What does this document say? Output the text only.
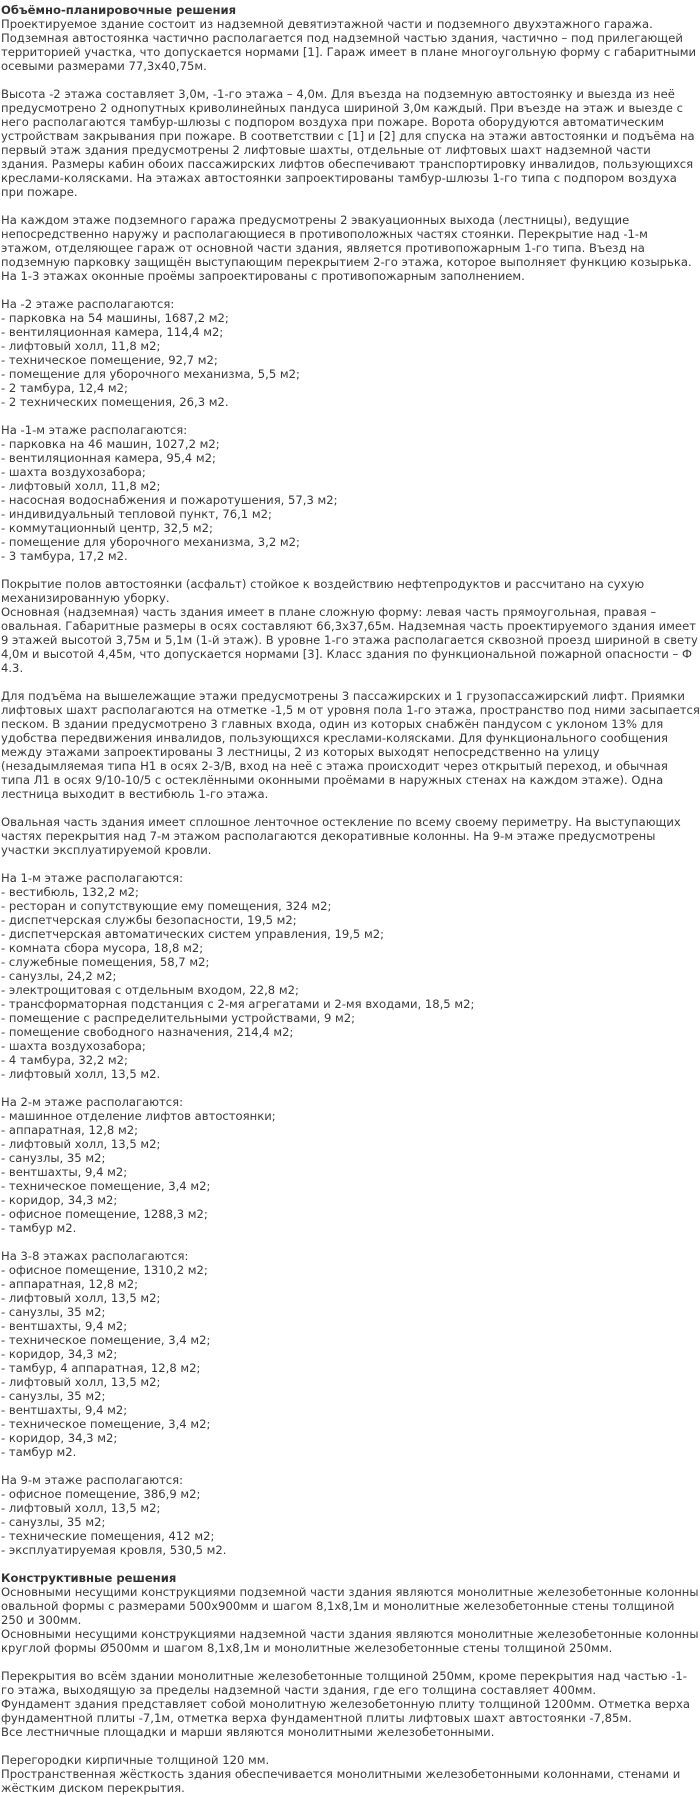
Объёмно-планировочные решения

Проектируемое здание состоит из надземной девятиэтажной части и подземного двухэтажного гаража. Подземная автостоянка частично располагается под надземной частью здания, частично – под прилегающей территорией участка, что допускается нормами [1]. Гараж имеет в плане многоугольную форму с габаритными осевыми размерами 77,3х40,75м.

Высота -2 этажа составляет 3,0м, -1-го этажа – 4,0м. Для въезда на подземную автостоянку и выезда из неё предусмотрено 2 однопутных криволинейных пандуса шириной 3,0м каждый. При въезде на этаж и выезде с него располагаются тамбур-шлюзы с подпором воздуха при пожаре. Ворота оборудуются автоматическим устройствам закрывания при пожаре. В соответствии с [1] и [2] для спуска на этажи автостоянки и подъёма на первый этаж здания предусмотрены 2 лифтовые шахты, отдельные от лифтовых шахт надземной части здания. Размеры кабин обоих пассажирских лифтов обеспечивают транспортировку инвалидов, пользующихся креслами-колясками. На этажах автостоянки запроектированы тамбур-шлюзы 1-го типа с подпором воздуха при пожаре.

На каждом этаже подземного гаража предусмотрены 2 эвакуационных выхода (лестницы), ведущие непосредственно наружу и располагающиеся в противоположных частях стоянки. Перекрытие над -1-м этажом, отделяющее гараж от основной части здания, является противопожарным 1-го типа. Въезд на подземную парковку защищён выступающим перекрытием 2-го этажа, которое выполняет функцию козырька. На 1-3 этажах оконные проёмы запроектированы с противопожарным заполнением.

На -2 этаже располагаются:
- парковка на 54 машины, 1687,2 м2;
- вентиляционная камера, 114,4 м2;
- лифтовый холл, 11,8 м2;
- техническое помещение, 92,7 м2;
- помещение для уборочного механизма, 5,5 м2;
- 2 тамбура, 12,4 м2;
- 2 технических помещения, 26,3 м2.
На -1-м этаже располагаются:
- парковка на 46 машин, 1027,2 м2;
- вентиляционная камера, 95,4 м2;
- шахта воздухозабора;
- лифтовый холл, 11,8 м2;
- насосная водоснабжения и пожаротушения, 57,3 м2;
- индивидуальный тепловой пункт, 76,1 м2;
- коммутационный центр, 32,5 м2;
- помещение для уборочного механизма, 3,2 м2;
- 3 тамбура, 17,2 м2.

Покрытие полов автостоянки (асфальт) стойкое к воздействию нефтепродуктов и рассчитано на сухую механизированную уборку.

Основная (надземная) часть здания имеет в плане сложную форму: левая часть прямоугольная, правая – овальная. Габаритные размеры в осях составляют 66,3х37,65м. Надземная часть проектируемого здания имеет 9 этажей высотой 3,75м и 5,1м (1-й этаж). В уровне 1-го этажа располагается сквозной проезд шириной в свету 4,0м и высотой 4,45м, что допускается нормами [3]. Класс здания по функциональной пожарной опасности – Ф 4.3.

Для подъёма на вышележащие этажи предусмотрены 3 пассажирских и 1 грузопассажирский лифт. Приямки лифтовых шахт располагаются на отметке -1,5 м от уровня пола 1-го этажа, пространство под ними засыпается песком. В здании предусмотрено 3 главных входа, один из которых снабжён пандусом с уклоном 13% для удобства передвижения инвалидов, пользующихся креслами-колясками. Для функционального сообщения между этажами запроектированы 3 лестницы, 2 из которых выходят непосредственно на улицу (незадымляемая типа Н1 в осях 2-3/В, вход на неё с этажа происходит через открытый переход, и обычная типа Л1 в осях 9/10-10/5 с остеклёнными оконными проёмами в наружных стенах на каждом этаже). Одна лестница выходит в вестибюль 1-го этажа.

Овальная часть здания имеет сплошное ленточное остекление по всему своему периметру. На выступающих частях перекрытия над 7-м этажом располагаются декоративные колонны. На 9-м этаже предусмотрены участки эксплуатируемой кровли.

На 1-м этаже располагаются:
- вестибюль, 132,2 м2;
- ресторан и сопутствующие ему помещения, 324 м2;
- диспетчерская службы безопасности, 19,5 м2;
- диспетчерская автоматических систем управления, 19,5 м2;
- комната сбора мусора, 18,8 м2;
- служебные помещения, 58,7 м2;
- санузлы, 24,2 м2;
- электрощитовая с отдельным входом, 22,8 м2;
- трансформаторная подстанция с 2-мя агрегатами и 2-мя входами, 18,5 м2;
- помещение с распределительными устройствами, 9 м2;
- помещение свободного назначения, 214,4 м2;
- шахта воздухозабора;
- 4 тамбура, 32,2 м2;
- лифтовый холл, 13,5 м2.
На 2-м этаже располагаются:
- машинное отделение лифтов автостоянки;
- аппаратная, 12,8 м2;
- лифтовый холл, 13,5 м2;
- санузлы, 35 м2;
- вентшахты, 9,4 м2;
- техническое помещение, 3,4 м2;
- коридор, 34,3 м2;
- офисное помещение, 1288,3 м2;
- тамбур м2.
На 3-8 этажах располагаются:
- офисное помещение, 1310,2 м2;
- аппаратная, 12,8 м2;
- лифтовый холл, 13,5 м2;
- санузлы, 35 м2;
- вентшахты, 9,4 м2;
- техническое помещение, 3,4 м2;
- коридор, 34,3 м2;
- тамбур, 4 аппаратная, 12,8 м2;
- лифтовый холл, 13,5 м2;
- санузлы, 35 м2;
- вентшахты, 9,4 м2;
- техническое помещение, 3,4 м2;
- коридор, 34,3 м2;
- тамбур м2.
На 9-м этаже располагаются:
- офисное помещение, 386,9 м2;
- лифтовый холл, 13,5 м2;
- санузлы, 35 м2;
- технические помещения, 412 м2;
- эксплуатируемая кровля, 530,5 м2.
Конструктивные решения

Основными несущими конструкциями подземной части здания являются монолитные железобетонные колонны овальной формы с размерами 500х900мм и шагом 8,1х8,1м и монолитные железобетонные стены толщиной 250 и 300мм.

Основными несущими конструкциями надземной части здания являются монолитные железобетонные колонны круглой формы Ø500мм и шагом 8,1х8,1м и монолитные железобетонные стены толщиной 250мм.

Перекрытия во всём здании монолитные железобетонные толщиной 250мм, кроме перекрытия над частью -1-го этажа, выходящую за пределы надземной части здания, где его толщина составляет 400мм.

Фундамент здания представляет собой монолитную железобетонную плиту толщиной 1200мм. Отметка верха фундаментной плиты -7,1м, отметка верха фундаментной плиты лифтовых шахт автостоянки -7,85м.

Все лестничные площадки и марши являются монолитными железобетонными.

Перегородки кирпичные толщиной 120 мм.

Пространственная жёсткость здания обеспечивается монолитными железобетонными колоннами, стенами и жёстким диском перекрытия.
